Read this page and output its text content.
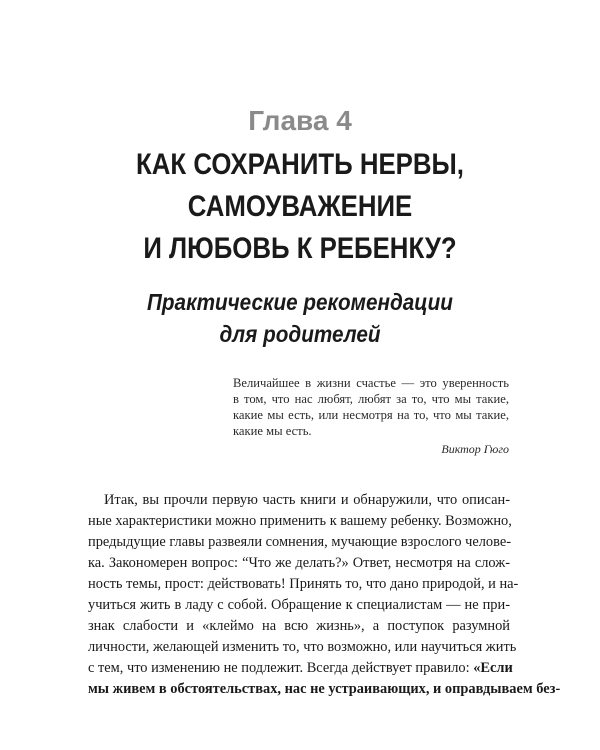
Глава 4
КАК СОХРАНИТЬ НЕРВЫ,
САМОУВАЖЕНИЕ
И ЛЮБОВЬ К РЕБЕНКУ?
Практические рекомендации
для родителей
Величайшее в жизни счастье — это уверенность
в том, что нас любят, любят за то, что мы такие,
какие мы есть, или несмотря на то, что мы такие,
какие мы есть.
Виктор Гюго
Итак, вы прочли первую часть книги и обнаружили, что описан-
ные характеристики можно применить к вашему ребенку. Возможно,
предыдущие главы развеяли сомнения, мучающие взрослого челове-
ка. Закономерен вопрос: “Что же делать?» Ответ, несмотря на слож-
ность темы, прост: действовать! Принять то, что дано природой, и на-
учиться жить в ладу с собой. Обращение к специалистам — не при-
знак слабости и «клеймо на всю жизнь», а поступок разумной
личности, желающей изменить то, что возможно, или научиться жить
с тем, что изменению не подлежит. Всегда действует правило: «Если
мы живем в обстоятельствах, нас не устраивающих, и оправдываем без-
